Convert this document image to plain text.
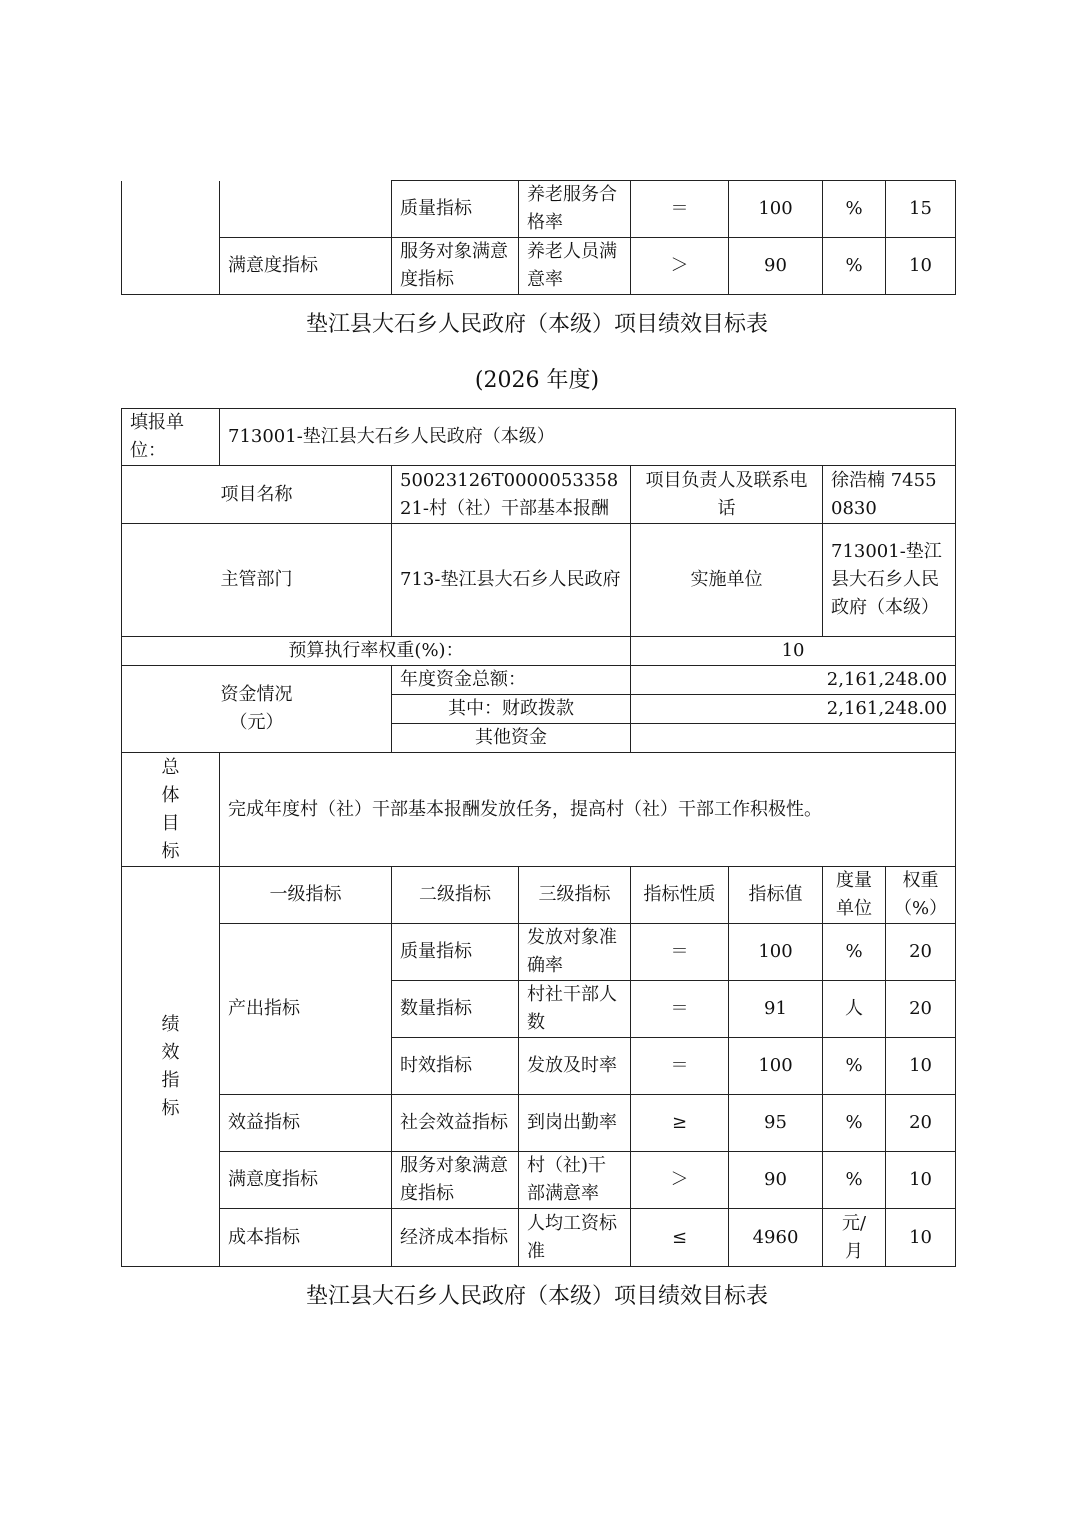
		质量指标	养老服务合格率	＝	100	%	15
	满意度指标	服务对象满意度指标	养老人员满意率	＞	90	%	10
垫江县大石乡人民政府（本级）项目绩效目标表
(2026 年度)
填报单位：	713001-垫江县大石乡人民政府（本级）						
项目名称		50023126T000005335821-村（社）干部基本报酬		项目负责人及联系电话		徐浩楠 74550830	
主管部门		713-垫江县大石乡人民政府		实施单位		713001-垫江县大石乡人民政府（本级）	
预算执行率权重(%)：				10			
资金情况（元）		年度资金总额：		2,161,248.00			
		其中：财政拨款		2,161,248.00			
		其他资金					

总体目标	完成年度村（社）干部基本报酬发放任务，提高村（社）干部工作积极性。						

绩效指标	一级指标	二级指标	三级指标	指标性质	指标值	度量单位	权重（%）
	产出指标	质量指标	发放对象准确率	＝	100	%	20
		数量指标	村社干部人数	＝	91	人	20
		时效指标	发放及时率	＝	100	%	10
	效益指标	社会效益指标	到岗出勤率	≥	95	%	20
	满意度指标	服务对象满意度指标	村（社)干部满意率	＞	90	%	10
	成本指标	经济成本指标	人均工资标准	≤	4960	元/月	10
垫江县大石乡人民政府（本级）项目绩效目标表
